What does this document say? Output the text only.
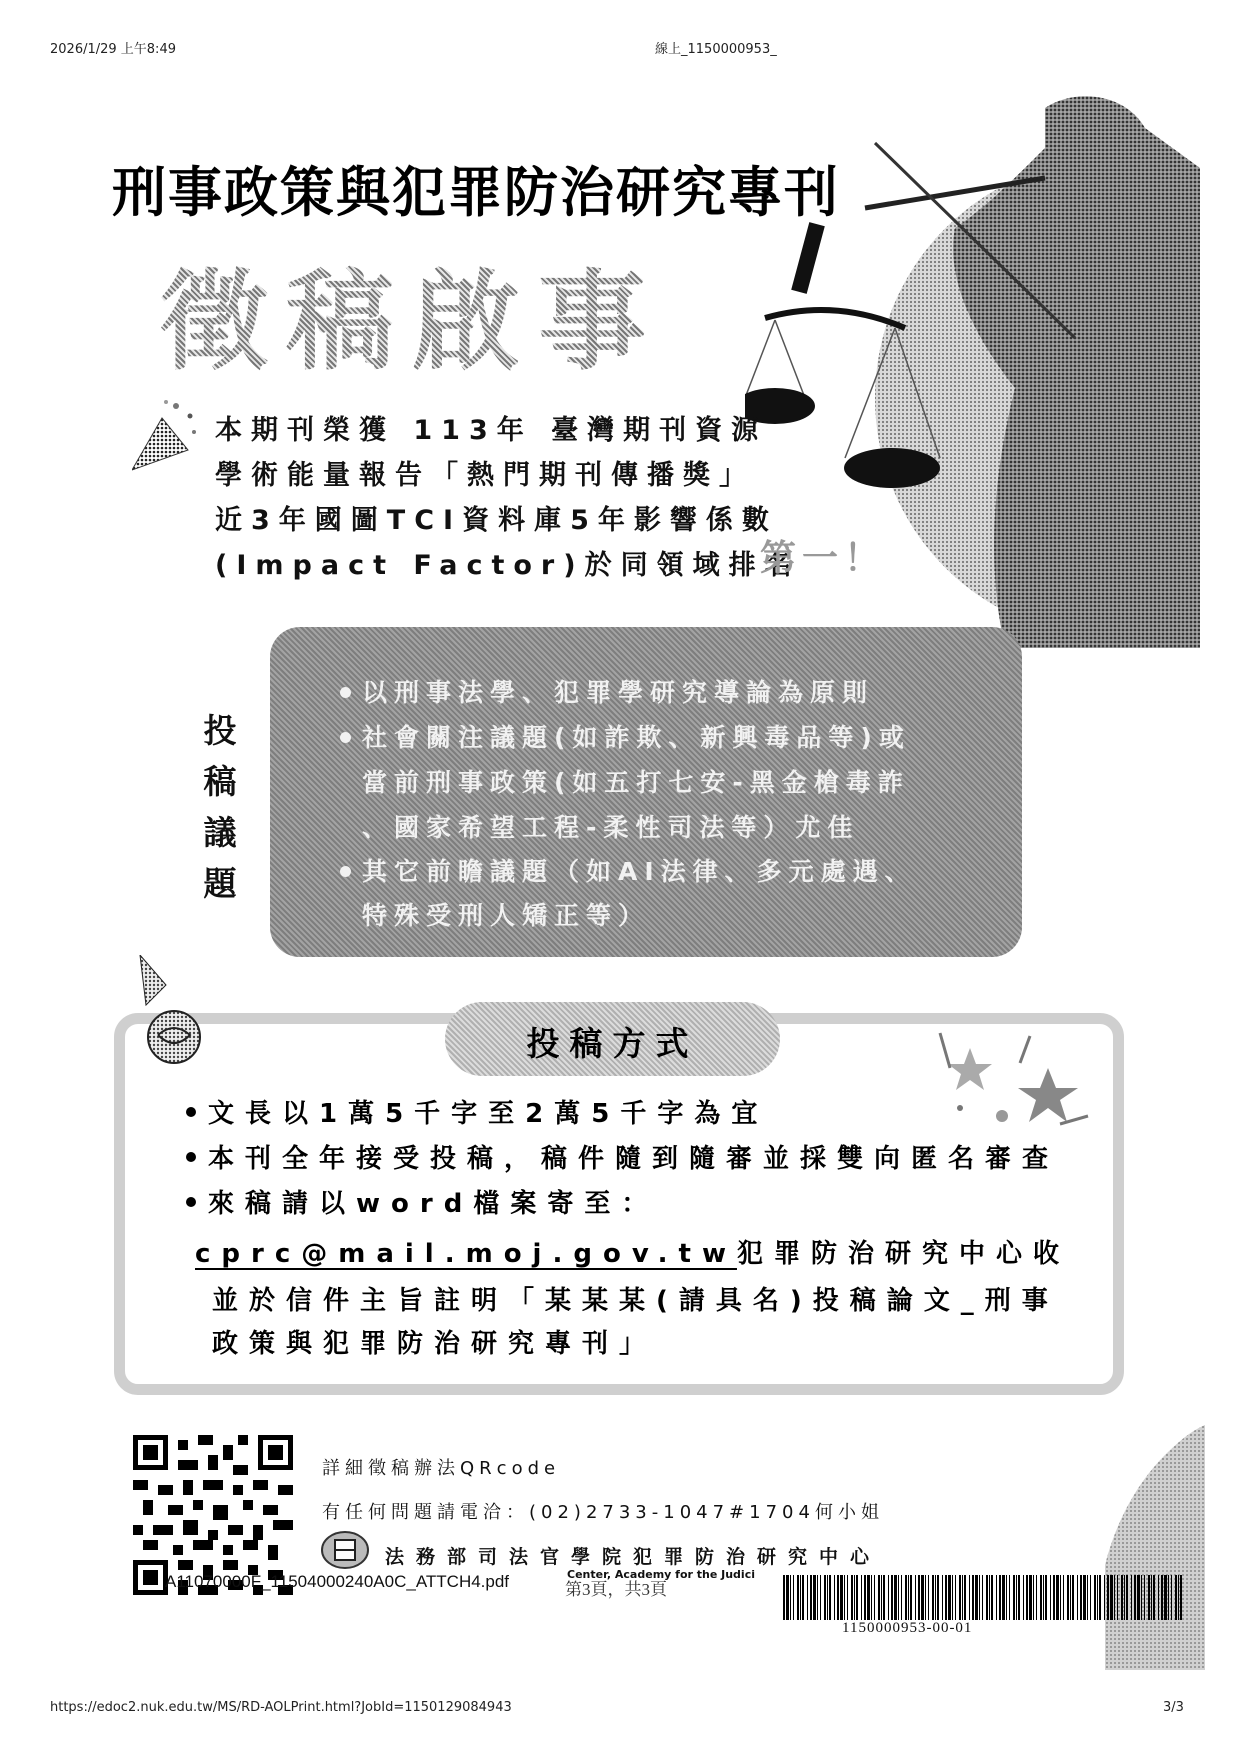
2026/1/29 上午8:49	線上_1150000953_
刑事政策與犯罪防治研究專刊
徵稿啟事
本期刊榮獲 113年 臺灣期刊資源
學術能量報告「熱門期刊傳播獎」
近3年國圖TCI資料庫5年影響係數
(Impact Factor)於同領域排名
第一！
投稿議題
以刑事法學、犯罪學研究導論為原則
社會關注議題(如詐欺、新興毒品等)或
當前刑事政策(如五打七安-黑金槍毒詐
、國家希望工程-柔性司法等）尤佳
其它前瞻議題（如AI法律、多元處遇、
特殊受刑人矯正等）
投稿方式
文長以1萬5千字至2萬5千字為宜
本刊全年接受投稿，稿件隨到隨審並採雙向匿名審查
來稿請以word檔案寄至：
cprc@mail.moj.gov.tw犯罪防治研究中心收
並於信件主旨註明「某某某(請具名)投稿論文_刑事
政策與犯罪防治研究專刊」
詳細徵稿辦法QRcode
有任何問題請電洽：(02)2733-1047#1704何小姐
法務部司法官學院犯罪防治研究中心
Center, Academy for the Judici
A11070000F_11504000240A0C_ATTCH4.pdf	第3頁，共3頁
1150000953-00-01
https://edoc2.nuk.edu.tw/MS/RD-AOLPrint.html?JobId=1150129084943	3/3
